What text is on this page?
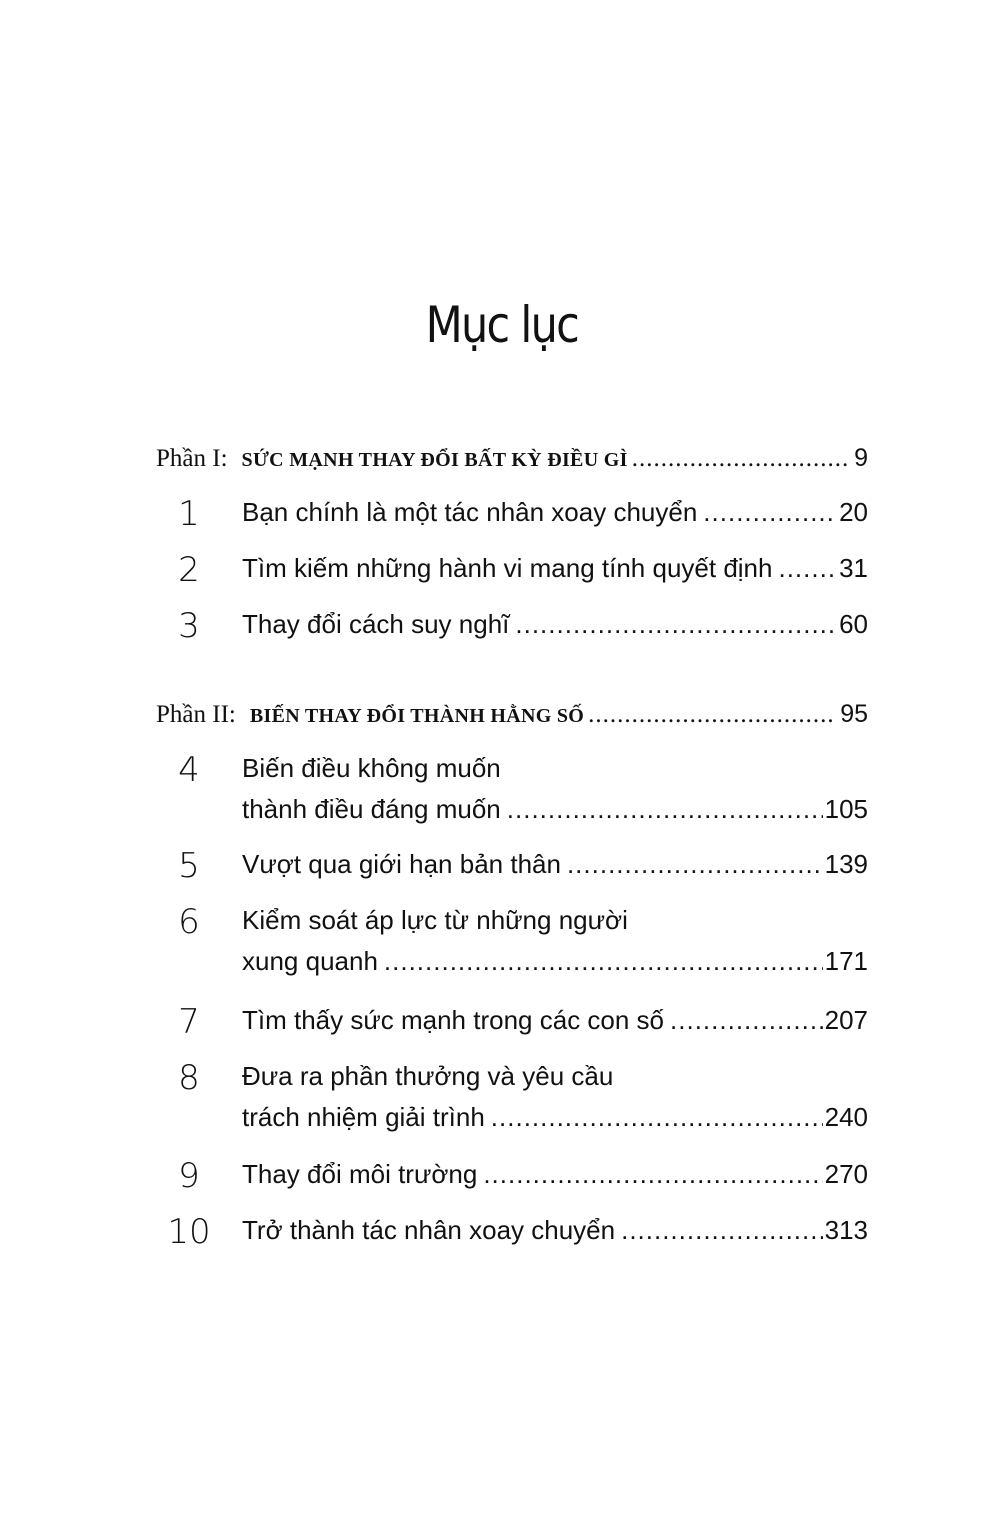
Mục lục
Phần I: SỨC MẠNH THAY ĐỔI BẤT KỲ ĐIỀU GÌ .....	9
1	Bạn chính là một tác nhân xoay chuyển .....	20
2	Tìm kiếm những hành vi mang tính quyết định .....	31
3	Thay đổi cách suy nghĩ .....	60
Phần II: BIẾN THAY ĐỔI THÀNH HẰNG SỐ .....	95
4	Biến điều không muốn
thành điều đáng muốn .....	105
5	Vượt qua giới hạn bản thân .....	139
6	Kiểm soát áp lực từ những người
xung quanh .....	171
7	Tìm thấy sức mạnh trong các con số .....	207
8	Đưa ra phần thưởng và yêu cầu
trách nhiệm giải trình .....	240
9	Thay đổi môi trường .....	270
10 Trở thành tác nhân xoay chuyển .....	313
